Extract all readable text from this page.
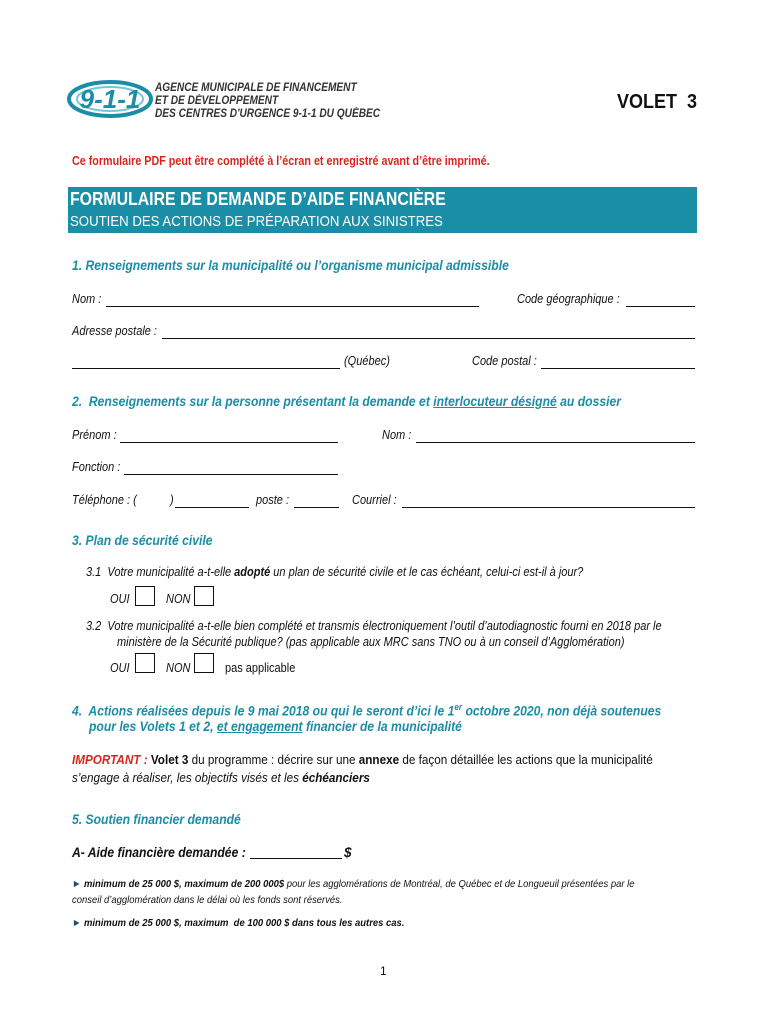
9-1-1 AGENCE MUNICIPALE DE FINANCEMENT
ET DE DÉVELOPPEMENT
DES CENTRES D'URGENCE 9-1-1 DU QUÉBEC
VOLET  3
Ce formulaire PDF peut être complété à l’écran et enregistré avant d’être imprimé.
FORMULAIRE DE DEMANDE D’AIDE FINANCIÈRE
SOUTIEN DES ACTIONS DE PRÉPARATION AUX SINISTRES
1. Renseignements sur la municipalité ou l’organisme municipal admissible
Nom :	Code géographique :
Adresse postale :
(Québec)	Code postal :
2.  Renseignements sur la personne présentant la demande et interlocuteur désigné au dossier
Prénom :	Nom :
Fonction :
Téléphone : (	)	poste :	Courriel :
3. Plan de sécurité civile
3.1 Votre municipalité a-t-elle adopté un plan de sécurité civile et le cas échéant, celui-ci est-il à jour?
OUI	NON
3.2 Votre municipalité a-t-elle bien complété et transmis électroniquement l’outil d’autodiagnostic fourni en 2018 par le
ministère de la Sécurité publique? (pas applicable aux MRC sans TNO ou à un conseil d’Agglomération)
OUI	NON	pas applicable
4.  Actions réalisées depuis le 9 mai 2018 ou qui le seront d’ici le 1er octobre 2020, non déjà soutenues
pour les Volets 1 et 2, et engagement financier de la municipalité
IMPORTANT : Volet 3 du programme : décrire sur une annexe de façon détaillée les actions que la municipalité
s’engage à réaliser, les objectifs visés et les échéanciers
5. Soutien financier demandé
A- Aide financière demandée :	$
► minimum de 25 000 $, maximum de 200 000$ pour les agglomérations de Montréal, de Québec et de Longueuil présentées par le
conseil d’agglomération dans le délai où les fonds sont réservés.
► minimum de 25 000 $, maximum  de 100 000 $ dans tous les autres cas.
1
